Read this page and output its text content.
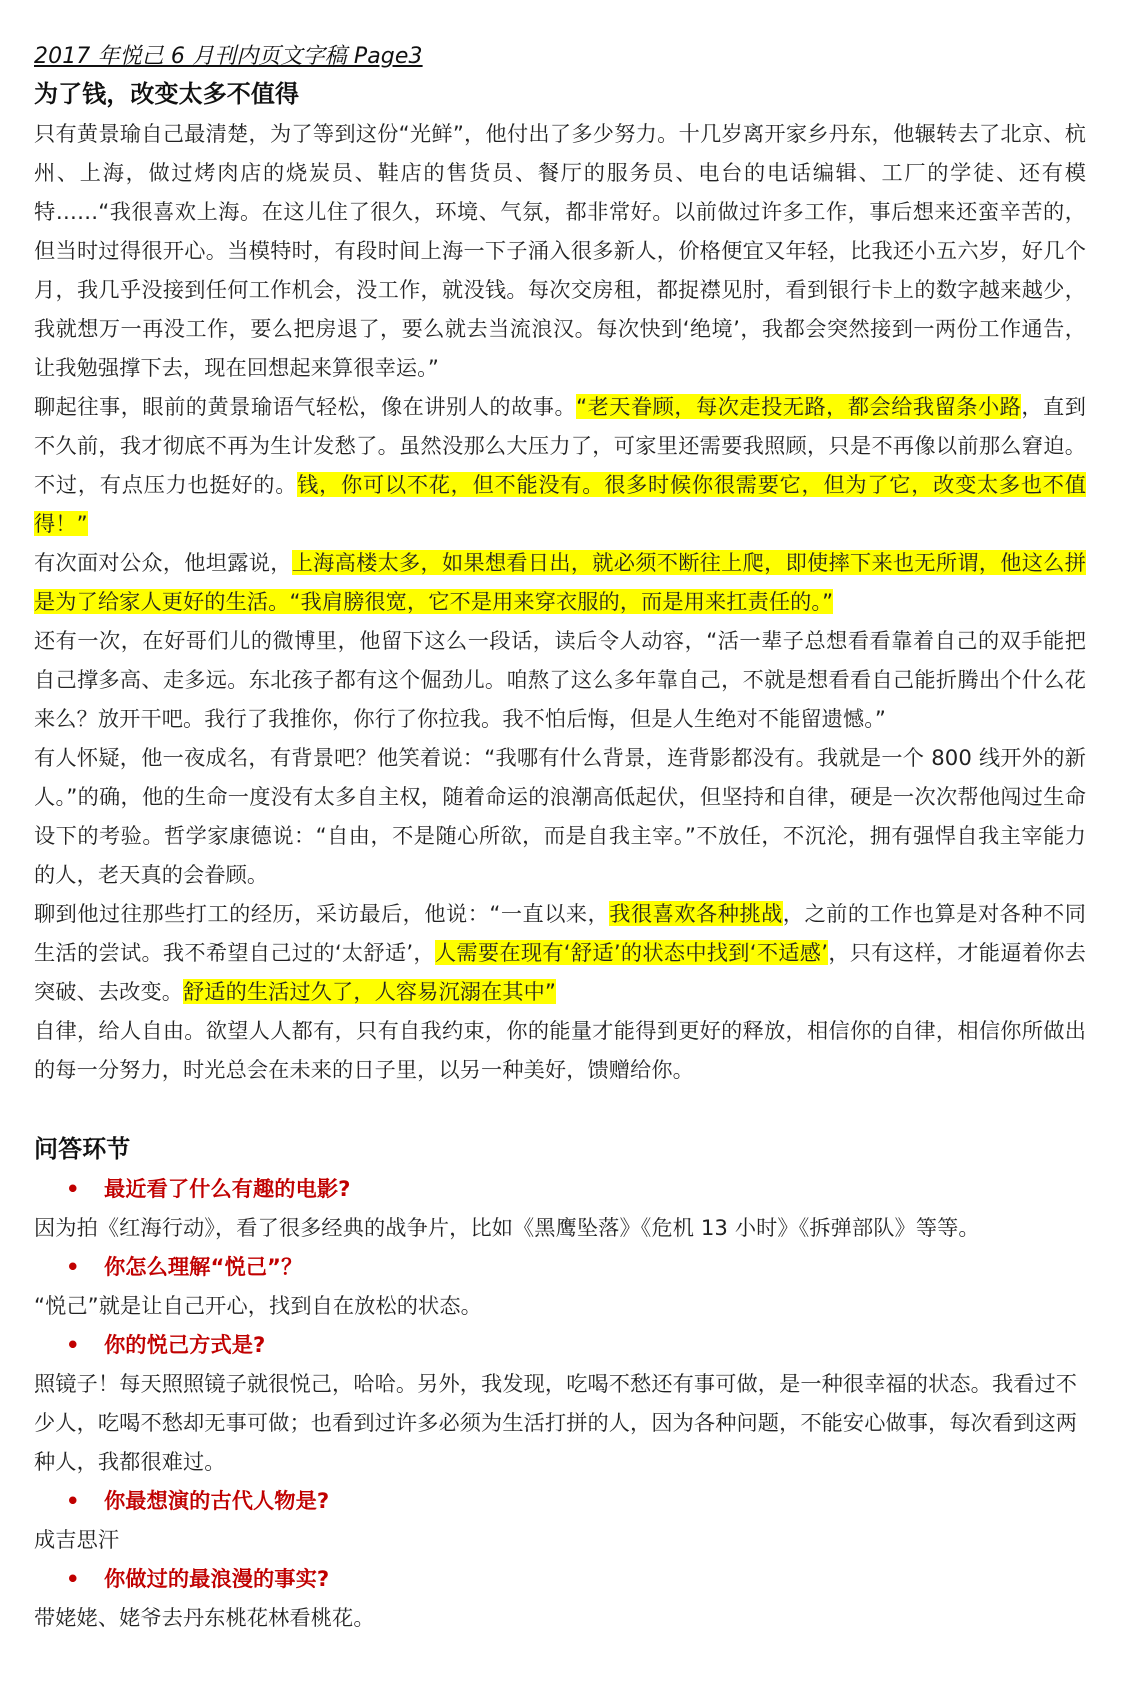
2017 年悦己 6 月刊内页文字稿 Page3

为了钱，改变太多不值得

只有黄景瑜自己最清楚，为了等到这份“光鲜”，他付出了多少努力。十几岁离开家乡丹东，他辗转去了北京、杭州、上海，做过烤肉店的烧炭员、鞋店的售货员、餐厅的服务员、电台的电话编辑、工厂的学徒、还有模特……“我很喜欢上海。在这儿住了很久，环境、气氛，都非常好。以前做过许多工作，事后想来还蛮辛苦的，但当时过得很开心。当模特时，有段时间上海一下子涌入很多新人，价格便宜又年轻，比我还小五六岁，好几个月，我几乎没接到任何工作机会，没工作，就没钱。每次交房租，都捉襟见肘，看到银行卡上的数字越来越少，我就想万一再没工作，要么把房退了，要么就去当流浪汉。每次快到‘绝境’，我都会突然接到一两份工作通告，让我勉强撑下去，现在回想起来算很幸运。”

聊起往事，眼前的黄景瑜语气轻松，像在讲别人的故事。“老天眷顾，每次走投无路，都会给我留条小路，直到不久前，我才彻底不再为生计发愁了。虽然没那么大压力了，可家里还需要我照顾，只是不再像以前那么窘迫。不过，有点压力也挺好的。钱，你可以不花，但不能没有。很多时候你很需要它，但为了它，改变太多也不值得！”

有次面对公众，他坦露说，上海高楼太多，如果想看日出，就必须不断往上爬，即使摔下来也无所谓，他这么拼是为了给家人更好的生活。“我肩膀很宽，它不是用来穿衣服的，而是用来扛责任的。”

还有一次，在好哥们儿的微博里，他留下这么一段话，读后令人动容，“活一辈子总想看看靠着自己的双手能把自己撑多高、走多远。东北孩子都有这个倔劲儿。咱熬了这么多年靠自己，不就是想看看自己能折腾出个什么花来么？放开干吧。我行了我推你，你行了你拉我。我不怕后悔，但是人生绝对不能留遗憾。”

有人怀疑，他一夜成名，有背景吧？他笑着说：“我哪有什么背景，连背影都没有。我就是一个 800 线开外的新人。”的确，他的生命一度没有太多自主权，随着命运的浪潮高低起伏，但坚持和自律，硬是一次次帮他闯过生命设下的考验。哲学家康德说：“自由，不是随心所欲，而是自我主宰。”不放任，不沉沦，拥有强悍自我主宰能力的人，老天真的会眷顾。

聊到他过往那些打工的经历，采访最后，他说：“一直以来，我很喜欢各种挑战，之前的工作也算是对各种不同生活的尝试。我不希望自己过的‘太舒适’，人需要在现有‘舒适’的状态中找到‘不适感’，只有这样，才能逼着你去突破、去改变。舒适的生活过久了，人容易沉溺在其中”

自律，给人自由。欲望人人都有，只有自我约束，你的能量才能得到更好的释放，相信你的自律，相信你所做出的每一分努力，时光总会在未来的日子里，以另一种美好，馈赠给你。

问答环节

• 最近看了什么有趣的电影?

因为拍《红海行动》，看了很多经典的战争片，比如《黑鹰坠落》《危机 13 小时》《拆弹部队》等等。

• 你怎么理解“悦己”？

“悦己”就是让自己开心，找到自在放松的状态。

• 你的悦己方式是?

照镜子！每天照照镜子就很悦己，哈哈。另外，我发现，吃喝不愁还有事可做，是一种很幸福的状态。我看过不少人，吃喝不愁却无事可做；也看到过许多必须为生活打拼的人，因为各种问题，不能安心做事，每次看到这两种人，我都很难过。

• 你最想演的古代人物是?

成吉思汗

• 你做过的最浪漫的事实?

带姥姥、姥爷去丹东桃花林看桃花。
